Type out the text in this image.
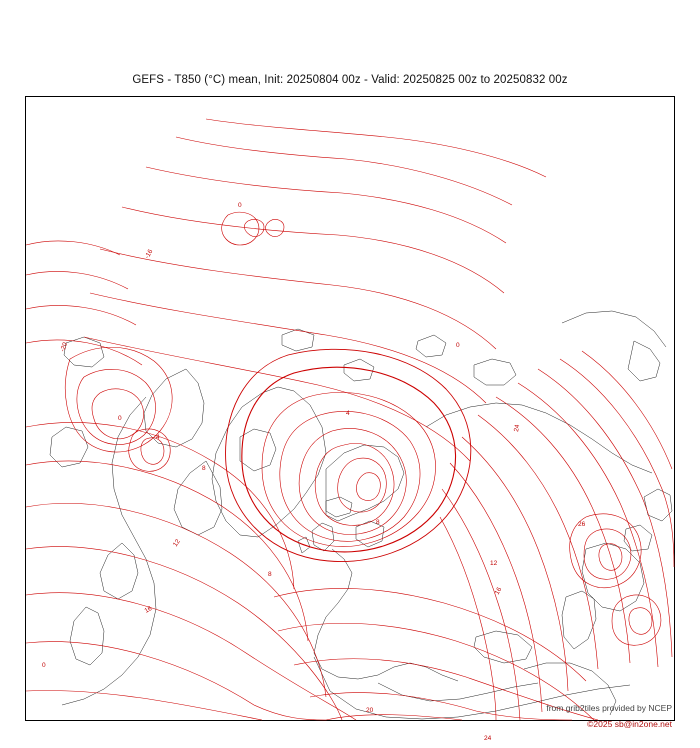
GEFS - T850 (°C) mean, Init: 20250804 00z - Valid: 20250825 00z to 20250832 00z
0
-16
-20	0
0
4
4
24
8
8	26
12
12
8
16
16
0
20
24
from grib2tiles provided by NCEP
©2025 sb@in2one.net
